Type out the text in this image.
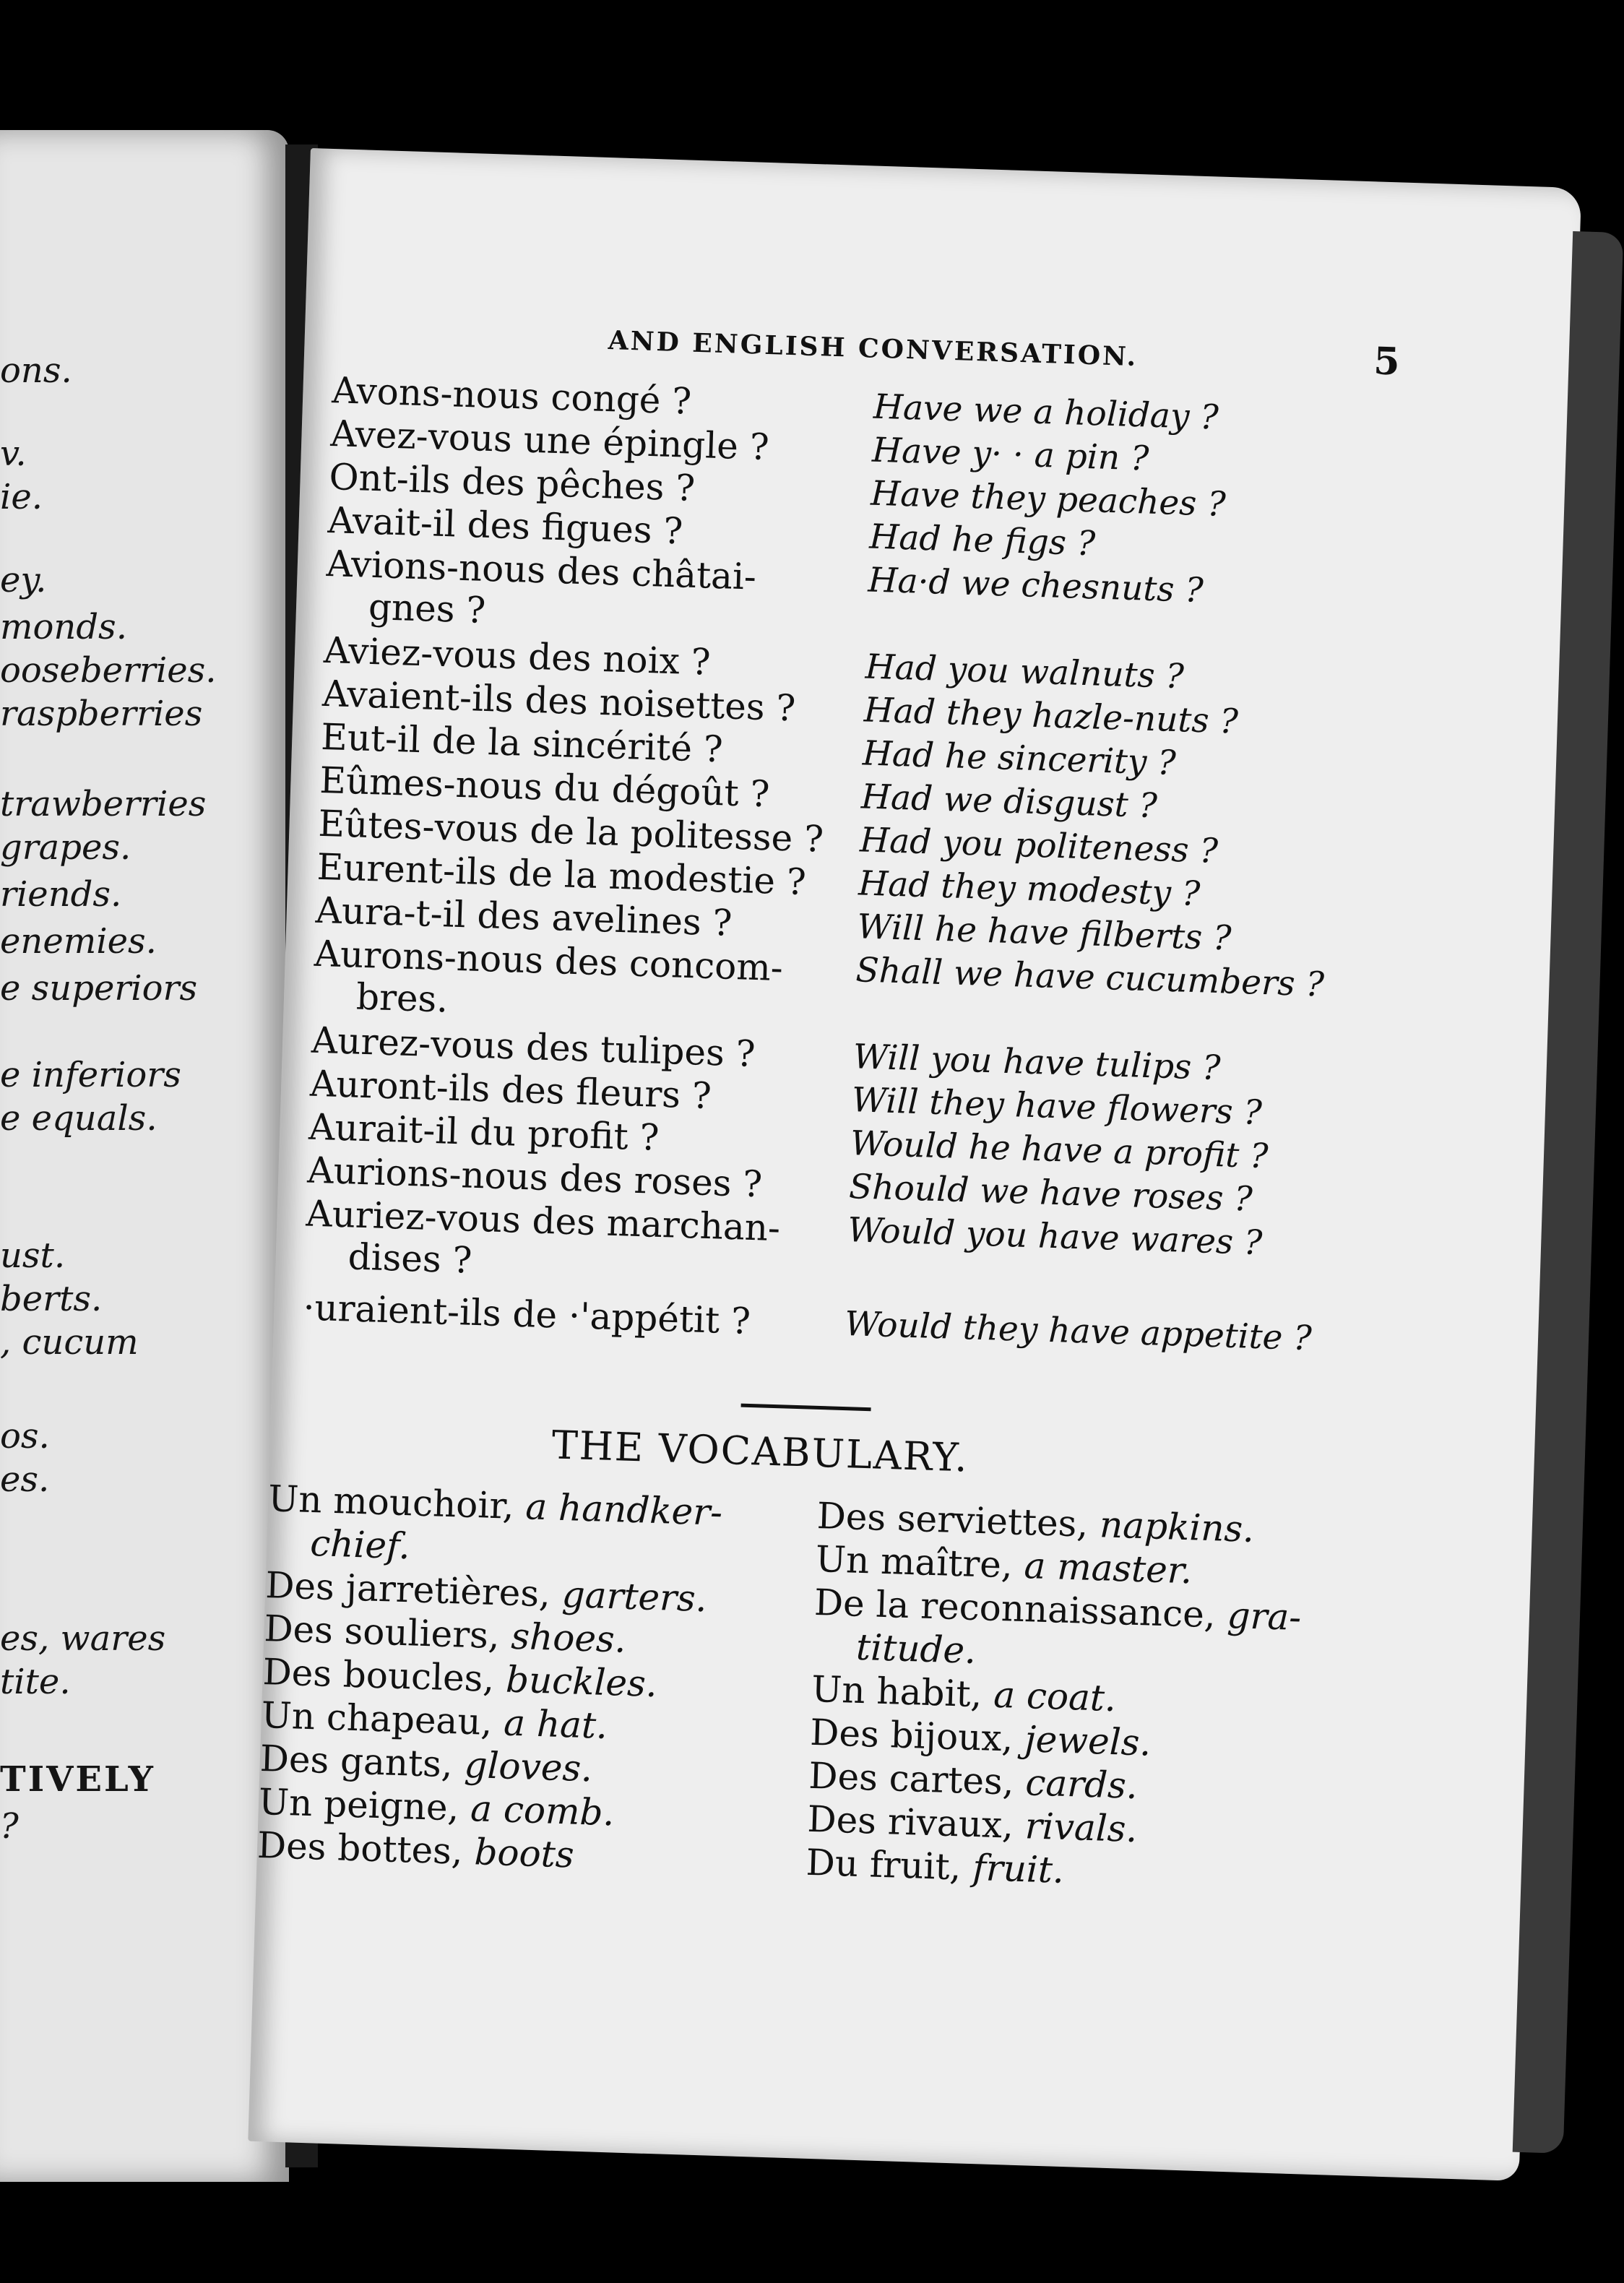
ons.
v.
ie.
ey.
monds.
ooseberries.
raspberries
trawberries
grapes.
riends.
enemies.
e superiors
e inferiors
e equals.
ust.
berts.
, cucum
os.
es.
es, wares
tite.
TIVELY
?
AND ENGLISH CONVERSATION.	5
Avons-nous congé ?	Have we a holiday ?
Avez-vous une épingle ?	Have y· · a pin ?
Ont-ils des pêches ?	Have they peaches ?
Avait-il des figues ?	Had he figs ?
Avions-nous des châtai-
gnes ?	Ha·d we chesnuts ?
Aviez-vous des noix ?	Had you walnuts ?
Avaient-ils des noisettes ?	Had they hazle-nuts ?
Eut-il de la sincérité ?	Had he sincerity ?
Eûmes-nous du dégoût ?	Had we disgust ?
Eûtes-vous de la politesse ?	Had you politeness ?
Eurent-ils de la modestie ?	Had they modesty ?
Aura-t-il des avelines ?	Will he have filberts ?
Aurons-nous des concom-
bres.	Shall we have cucumbers ?
Aurez-vous des tulipes ?	Will you have tulips ?
Auront-ils des fleurs ?	Will they have flowers ?
Aurait-il du profit ?	Would he have a profit ?
Aurions-nous des roses ?	Should we have roses ?
Auriez-vous des marchan-
dises ?	Would you have wares ?
·uraient-ils de ·'appétit ?	Would they have appetite ?
THE VOCABULARY.
Un mouchoir, a handker-
chief.
Des jarretières, garters.
Des souliers, shoes.
Des boucles, buckles.
Un chapeau, a hat.
Des gants, gloves.
Un peigne, a comb.
Des bottes, boots
Des serviettes, napkins.
Un maître, a master.
De la reconnaissance, gra-
titude.
Un habit, a coat.
Des bijoux, jewels.
Des cartes, cards.
Des rivaux, rivals.
Du fruit, fruit.
